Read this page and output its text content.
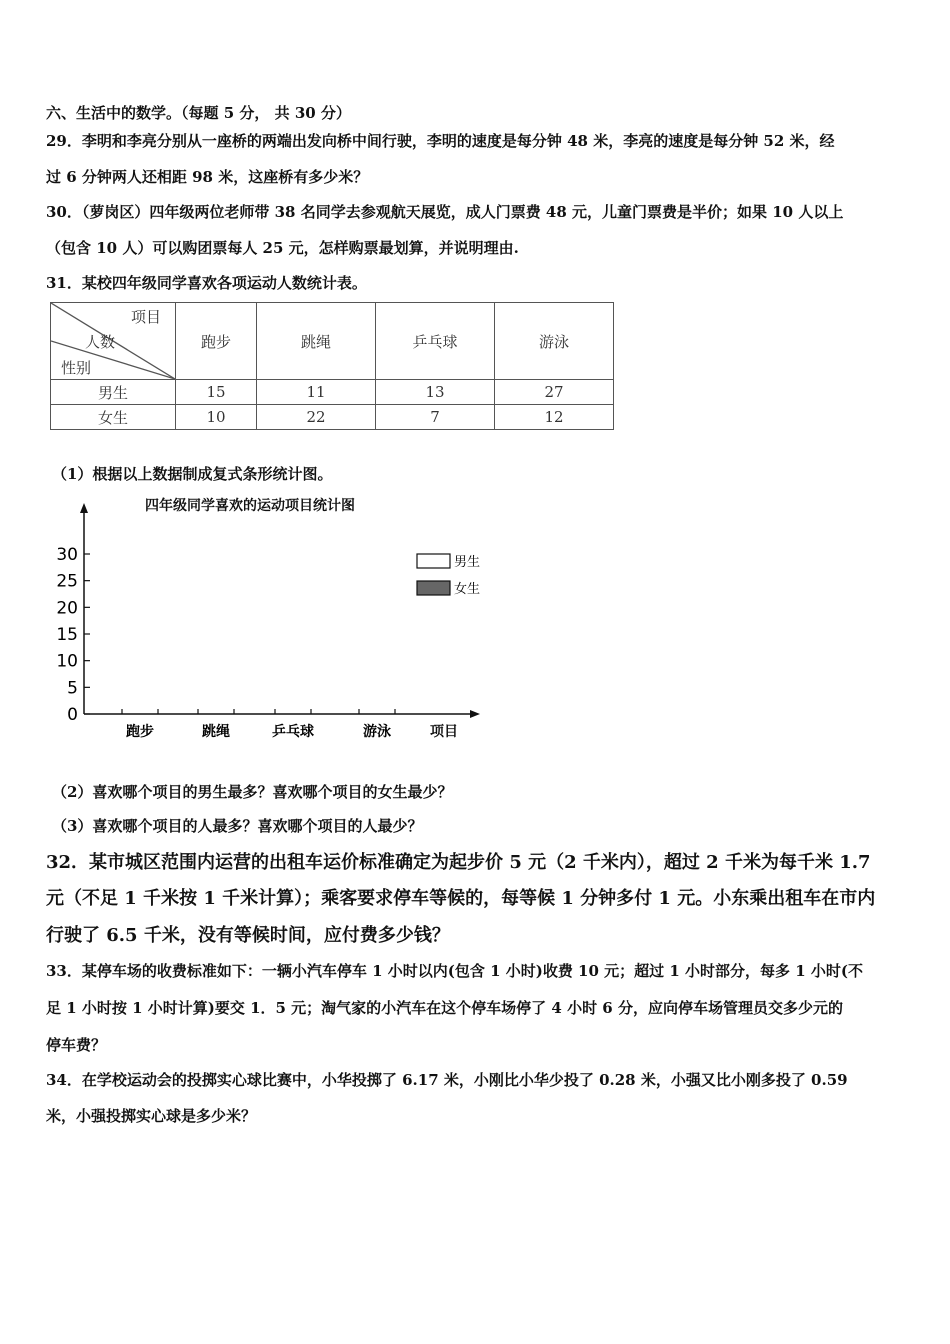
六、生活中的数学。（每题 5 分， 共 30 分）
29．李明和李亮分别从一座桥的两端出发向桥中间行驶，李明的速度是每分钟 48 米，李亮的速度是每分钟 52 米，经
过 6 分钟两人还相距 98 米，这座桥有多少米？
30．（萝岗区）四年级两位老师带 38 名同学去参观航天展览，成人门票费 48 元，儿童门票费是半价；如果 10 人以上
（包含 10 人）可以购团票每人 25 元，怎样购票最划算，并说明理由.
31．某校四年级同学喜欢各项运动人数统计表。
项目
人数
性别	跑步	跳绳	乒乓球	游泳
男生	15	11	13	27
女生	10	22	7	12
（1）根据以上数据制成复式条形统计图。
四年级同学喜欢的运动项目统计图
0
5
10
15
20
25
30
跑步	跳绳	乒乓球	游泳	项目
男生
女生
（2）喜欢哪个项目的男生最多？喜欢哪个项目的女生最少？
（3）喜欢哪个项目的人最多？喜欢哪个项目的人最少？
32．某市城区范围内运营的出租车运价标准确定为起步价 5 元（2 千米内），超过 2 千米为每千米 1.7
元（不足 1 千米按 1 千米计算）；乘客要求停车等候的，每等候 1 分钟多付 1 元。小东乘出租车在市内
行驶了 6.5 千米，没有等候时间，应付费多少钱？
33．某停车场的收费标准如下：一辆小汽车停车 1 小时以内(包含 1 小时)收费 10 元；超过 1 小时部分，每多 1 小时(不
足 1 小时按 1 小时计算)要交 1．5 元；淘气家的小汽车在这个停车场停了 4 小时 6 分，应向停车场管理员交多少元的
停车费？
34．在学校运动会的投掷实心球比赛中，小华投掷了 6.17 米，小刚比小华少投了 0.28 米，小强又比小刚多投了 0.59
米，小强投掷实心球是多少米？
